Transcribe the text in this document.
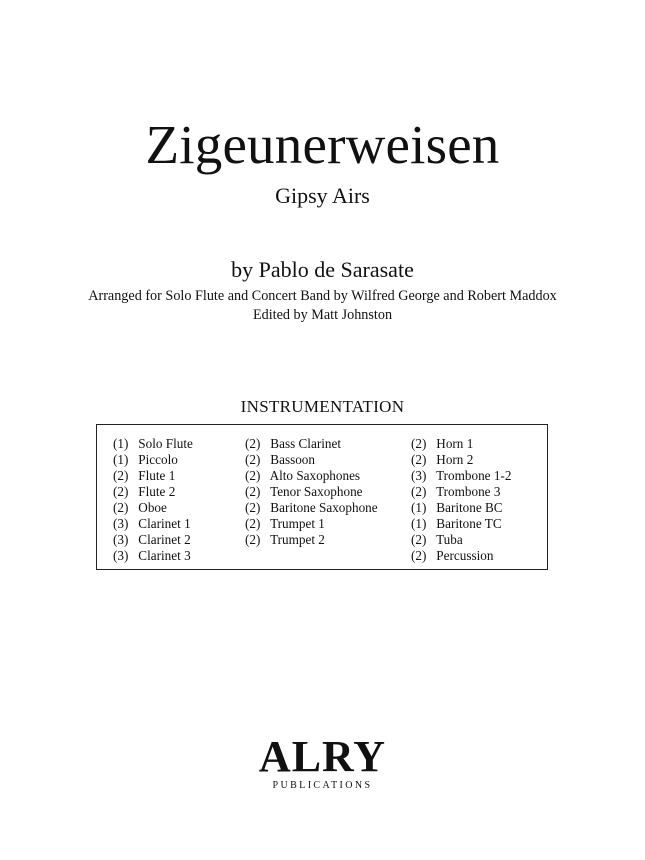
Zigeunerweisen
Gipsy Airs
by Pablo de Sarasate
Arranged for Solo Flute and Concert Band by Wilfred George and Robert Maddox
Edited by Matt Johnston
INSTRUMENTATION
(1) Solo Flute
(1) Piccolo
(2) Flute 1
(2) Flute 2
(2) Oboe
(3) Clarinet 1
(3) Clarinet 2
(3) Clarinet 3
(2) Bass Clarinet
(2) Bassoon
(2) Alto Saxophones
(2) Tenor Saxophone
(2) Baritone Saxophone
(2) Trumpet 1
(2) Trumpet 2
(2) Horn 1
(2) Horn 2
(3) Trombone 1-2
(2) Trombone 3
(1) Baritone BC
(1) Baritone TC
(2) Tuba
(2) Percussion
ALRY
PUBLICATIONS
